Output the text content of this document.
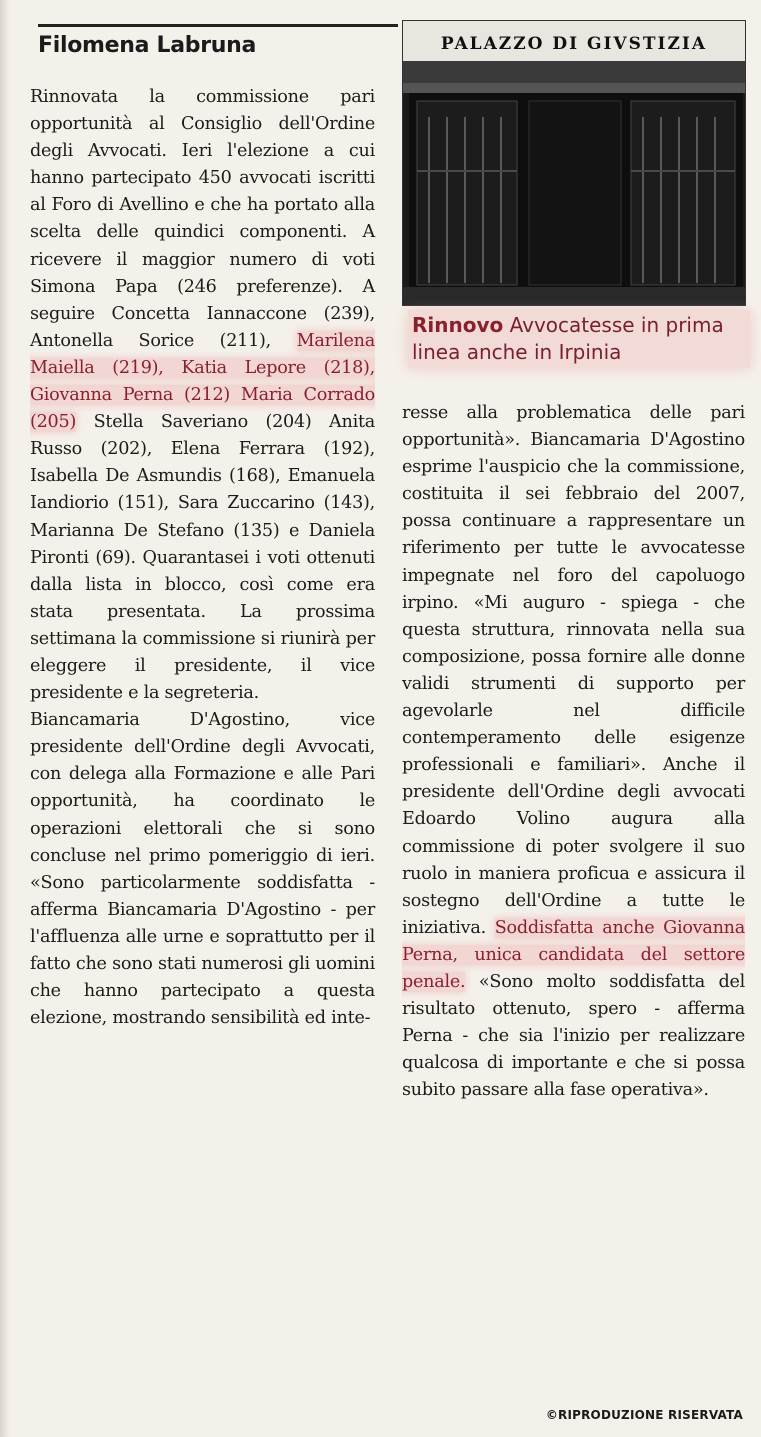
Filomena Labruna

Rinnovata la commissione pari opportunità al Consiglio dell'Ordine degli Avvocati. Ieri l'elezione a cui hanno partecipato 450 avvocati iscritti al Foro di Avellino e che ha portato alla scelta delle quindici componenti. A ricevere il maggior numero di voti Simona Papa (246 preferenze). A seguire Concetta Iannaccone (239), Antonella Sorice (211), Marilena Maiella (219), Katia Lepore (218), Giovanna Perna (212) Maria Corrado (205) Stella Saveriano (204) Anita Russo (202), Elena Ferrara (192), Isabella De Asmundis (168), Emanuela Iandiorio (151), Sara Zuccarino (143), Marianna De Stefano (135) e Daniela Pironti (69). Quarantasei i voti ottenuti dalla lista in blocco, così come era stata presentata. La prossima settimana la commissione si riunirà per eleggere il presidente, il vice presidente e la segreteria.

Biancamaria D'Agostino, vice presidente dell'Ordine degli Avvocati, con delega alla Formazione e alle Pari opportunità, ha coordinato le operazioni elettorali che si sono concluse nel primo pomeriggio di ieri. «Sono particolarmente soddisfatta - afferma Biancamaria D'Agostino - per l'affluenza alle urne e soprattutto per il fatto che sono stati numerosi gli uomini che hanno partecipato a questa elezione, mostrando sensibilità ed inte-

PALAZZO DI GIVSTIZIA
Rinnovo Avvocatesse in prima linea anche in Irpinia

resse alla problematica delle pari opportunità». Biancamaria D'Agostino esprime l'auspicio che la commissione, costituita il sei febbraio del 2007, possa continuare a rappresentare un riferimento per tutte le avvocatesse impegnate nel foro del capoluogo irpino. «Mi auguro - spiega - che questa struttura, rinnovata nella sua composizione, possa fornire alle donne validi strumenti di supporto per agevolarle nel difficile contemperamento delle esigenze professionali e familiari». Anche il presidente dell'Ordine degli avvocati Edoardo Volino augura alla commissione di poter svolgere il suo ruolo in maniera proficua e assicura il sostegno dell'Ordine a tutte le iniziativa. Soddisfatta anche Giovanna Perna, unica candidata del settore penale. «Sono molto soddisfatta del risultato ottenuto, spero - afferma Perna - che sia l'inizio per realizzare qualcosa di importante e che si possa subito passare alla fase operativa».

©RIPRODUZIONE RISERVATA
